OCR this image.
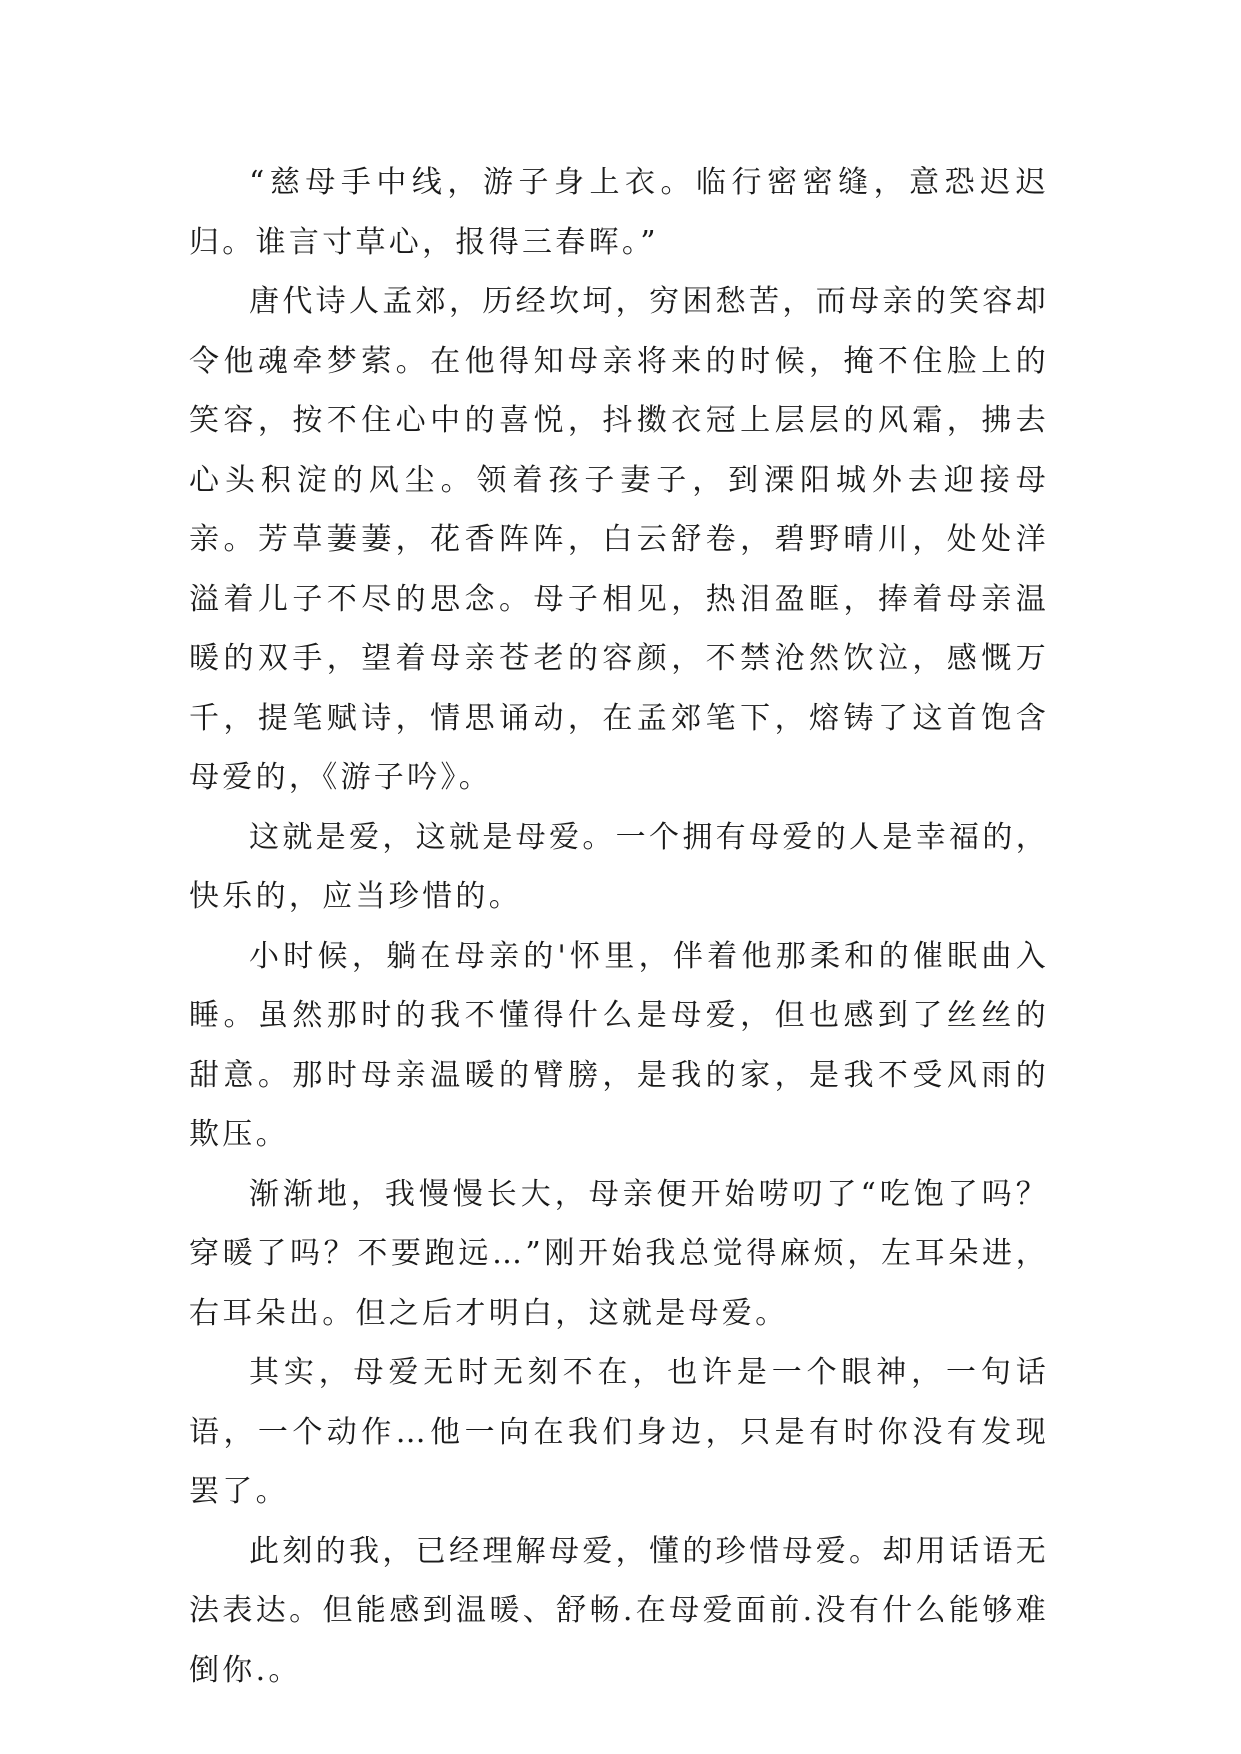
“慈母手中线，游子身上衣。临行密密缝，意恐迟迟归。谁言寸草心，报得三春晖。”

唐代诗人孟郊，历经坎坷，穷困愁苦，而母亲的笑容却令他魂牵梦萦。在他得知母亲将来的时候，掩不住脸上的笑容，按不住心中的喜悦，抖擞衣冠上层层的风霜，拂去心头积淀的风尘。领着孩子妻子，到溧阳城外去迎接母亲。芳草萋萋，花香阵阵，白云舒卷，碧野晴川，处处洋溢着儿子不尽的思念。母子相见，热泪盈眶，捧着母亲温暖的双手，望着母亲苍老的容颜，不禁沧然饮泣，感慨万千，提笔赋诗，情思诵动，在孟郊笔下，熔铸了这首饱含母爱的，《游子吟》。

这就是爱，这就是母爱。一个拥有母爱的人是幸福的，快乐的，应当珍惜的。

小时候，躺在母亲的'怀里，伴着他那柔和的催眠曲入睡。虽然那时的我不懂得什么是母爱，但也感到了丝丝的甜意。那时母亲温暖的臂膀，是我的家，是我不受风雨的欺压。

渐渐地，我慢慢长大，母亲便开始唠叨了“吃饱了吗？穿暖了吗？不要跑远…”刚开始我总觉得麻烦，左耳朵进，右耳朵出。但之后才明白，这就是母爱。

其实，母爱无时无刻不在，也许是一个眼神，一句话语，一个动作…他一向在我们身边，只是有时你没有发现罢了。

此刻的我，已经理解母爱，懂的珍惜母爱。却用话语无法表达。但能感到温暖、舒畅.在母爱面前.没有什么能够难倒你.。
